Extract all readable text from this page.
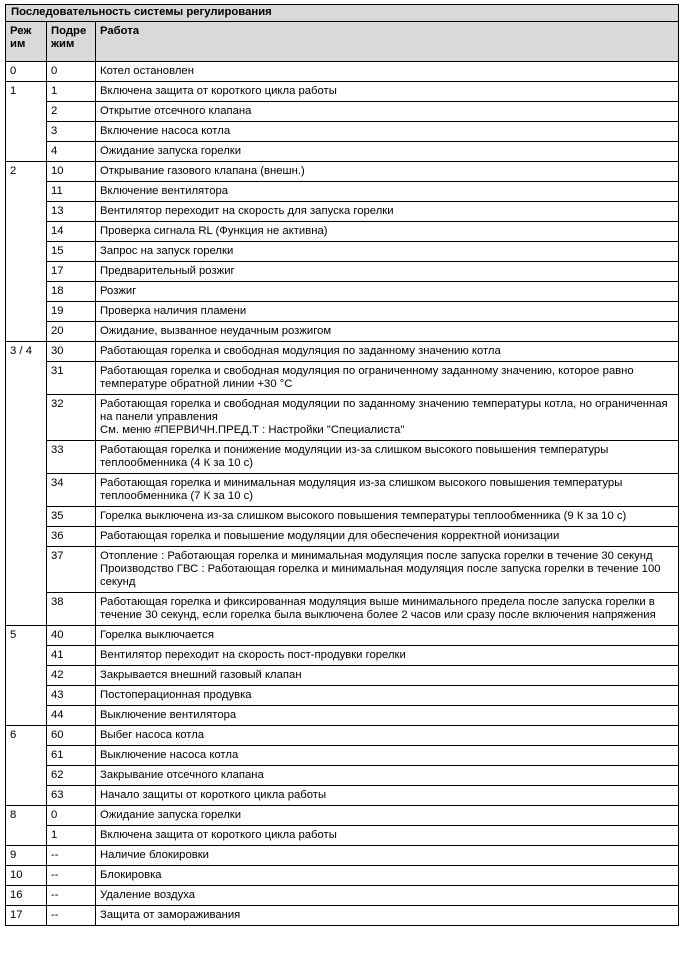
Последовательность системы регулирования		
Реж им	Подре жим	Работа
0	0	Котел остановлен
1	1	Включена защита от короткого цикла работы
	2	Открытие отсечного клапана
	3	Включение насоса котла
	4	Ожидание запуска горелки
2	10	Открывание газового клапана (внешн.)
	11	Включение вентилятора
	13	Вентилятор переходит на скорость для запуска горелки
	14	Проверка сигнала RL (Функция не активна)
	15	Запрос на запуск горелки
	17	Предварительный розжиг
	18	Розжиг
	19	Проверка наличия пламени
	20	Ожидание, вызванное неудачным розжигом
3 / 4	30	Работающая горелка и свободная модуляция по заданному значению котла
	31	Работающая горелка и свободная модуляция по ограниченному заданному значению, которое равно температуре обратной линии +30 °C
	32	Работающая горелка и свободная модуляции по заданному значению температуры котла, но ограниченная на панели управления
См. меню #ПЕРВИЧН.ПРЕД.Т : Настройки "Специалиста"
	33	Работающая горелка и понижение модуляции из-за слишком высокого повышения температуры теплообменника (4 К за 10 с)
	34	Работающая горелка и минимальная модуляция из-за слишком высокого повышения температуры теплообменника (7 К за 10 с)
	35	Горелка выключена из-за слишком высокого повышения температуры теплообменника (9 К за 10 с)
	36	Работающая горелка и повышение модуляции для обеспечения корректной ионизации
	37	Отопление : Работающая горелка и минимальная модуляция после запуска горелки в течение 30 секунд
Производство ГВС : Работающая горелка и минимальная модуляция после запуска горелки в течение 100 секунд
	38	Работающая горелка и фиксированная модуляция выше минимального предела после запуска горелки в течение 30 секунд, если горелка была выключена более 2 часов или сразу после включения напряжения
5	40	Горелка выключается
	41	Вентилятор переходит на скорость пост-продувки горелки
	42	Закрывается внешний газовый клапан
	43	Постоперационная продувка
	44	Выключение вентилятора
6	60	Выбег насоса котла
	61	Выключение насоса котла
	62	Закрывание отсечного клапана
	63	Начало защиты от короткого цикла работы
8	0	Ожидание запуска горелки
	1	Включена защита от короткого цикла работы
9	--	Наличие блокировки
10	--	Блокировка
16	--	Удаление воздуха
17	--	Защита от замораживания
